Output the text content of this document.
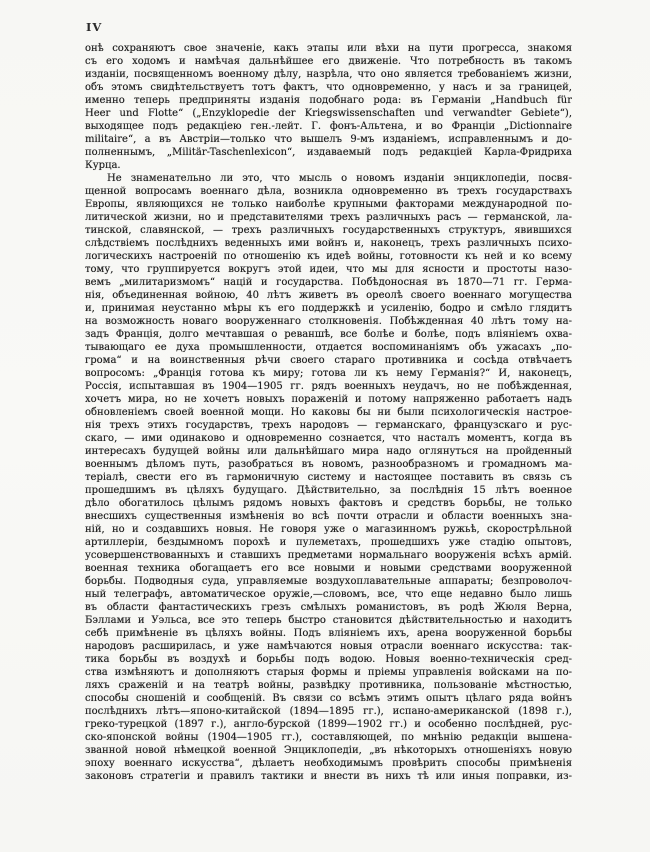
IV
онѣ сохраняютъ свое значеніе, какъ этапы или вѣхи на пути прогресса, знакомя
съ его ходомъ и намѣчая дальнѣйшее его движеніе. Что потребность въ такомъ
изданіи, посвященномъ военному дѣлу, назрѣла, что оно является требованіемъ жизни,
объ этомъ свидѣтельствуетъ тотъ фактъ, что одновременно, у насъ и за границей,
именно теперь предприняты изданія подобнаго рода: въ Германіи „Handbuch für
Heer und Flotte“ („Enzyklopedie der Kriegswissenschaften und verwandter Gebiete“),
выходящее подъ редакціею ген.-лейт. Г. фонъ-Альтена, и во Франціи „Dictionnaire
militaire“, а въ Австріи—только что вышелъ 9-мъ изданіемъ, исправленнымъ и до-
полненнымъ, „Militär-Taschenlexicon“, издаваемый подъ редакціей Карла-Фридриха
Курца.
Не знаменательно ли это, что мысль о новомъ изданіи энциклопедіи, посвя-
щенной вопросамъ военнаго дѣла, возникла одновременно въ трехъ государствахъ
Европы, являющихся не только наиболѣе крупными факторами международной по-
литической жизни, но и представителями трехъ различныхъ расъ — германской, ла-
тинской, славянской, — трехъ различныхъ государственныхъ структуръ, явившихся
слѣдствіемъ послѣднихъ веденныхъ ими войнъ и, наконецъ, трехъ различныхъ психо-
логическихъ настроеній по отношенію къ идеѣ войны, готовности къ ней и ко всему
тому, что группируется вокругъ этой идеи, что мы для ясности и простоты назо-
вемъ „милитаризмомъ“ націй и государства. Побѣдоносная въ 1870—71 гг. Герма-
нія, объединенная войною, 40 лѣтъ живетъ въ ореолѣ своего военнаго могущества
и, принимая неустанно мѣры къ его поддержкѣ и усиленію, бодро и смѣло глядитъ
на возможность новаго вооруженнаго столкновенія. Побѣжденная 40 лѣтъ тому на-
задъ Франція, долго мечтавшая о реваншѣ, все болѣе и болѣе, подъ вліяніемъ охва-
тывающаго ее духа промышленности, отдается воспоминаніямъ объ ужасахъ „по-
грома“ и на воинственныя рѣчи своего стараго противника и сосѣда отвѣчаетъ
вопросомъ: „Франція готова къ миру; готова ли къ нему Германія?“ И, наконецъ,
Россія, испытавшая въ 1904—1905 гг. рядъ военныхъ неудачъ, но не побѣжденная,
хочетъ мира, но не хочетъ новыхъ пораженій и потому напряженно работаетъ надъ
обновленіемъ своей военной мощи. Но каковы бы ни были психологическія настрое-
нія трехъ этихъ государствъ, трехъ народовъ — германскаго, французскаго и рус-
скаго, — ими одинаково и одновременно сознается, что насталъ моментъ, когда въ
интересахъ будущей войны или дальнѣйшаго мира надо оглянуться на пройденный
военнымъ дѣломъ путь, разобраться въ новомъ, разнообразномъ и громадномъ ма-
теріалѣ, свести его въ гармоничную систему и настоящее поставить въ связь съ
прошедшимъ въ цѣляхъ будущаго. Дѣйствительно, за послѣднія 15 лѣтъ военное
дѣло обогатилось цѣлымъ рядомъ новыхъ фактовъ и средствъ борьбы, не только
внесшихъ существенныя измѣненія во всѣ почти отрасли и области военныхъ зна-
ній, но и создавшихъ новыя. Не говоря уже о магазинномъ ружьѣ, скорострѣльной
артиллеріи, бездымномъ порохѣ и пулеметахъ, прошедшихъ уже стадію опытовъ,
усовершенствованныхъ и ставшихъ предметами нормальнаго вооруженія всѣхъ армій.
военная техника обогащаетъ его все новыми и новыми средствами вооруженной
борьбы. Подводныя суда, управляемые воздухоплавательные аппараты; безпроволоч-
ный телеграфъ, автоматическое оружіе,—словомъ, все, что еще недавно было лишь
въ области фантастическихъ грезъ смѣлыхъ романистовъ, въ родѣ Жюля Верна,
Бэллами и Уэльса, все это теперь быстро становится дѣйствительностью и находитъ
себѣ примѣненіе въ цѣляхъ войны. Подъ вліяніемъ ихъ, арена вооруженной борьбы
народовъ расширилась, и уже намѣчаются новыя отрасли военнаго искусства: так-
тика борьбы въ воздухѣ и борьбы подъ водою. Новыя военно-техническія сред-
ства измѣняютъ и дополняютъ старыя формы и пріемы управленія войсками на по-
ляхъ сраженій и на театрѣ войны, развѣдку противника, пользованіе мѣстностью,
способы сношеній и сообщеній. Въ связи со всѣмъ этимъ опытъ цѣлаго ряда войнъ
послѣднихъ лѣтъ—японо-китайской (1894—1895 гг.), испано-американской (1898 г.),
греко-турецкой (1897 г.), англо-бурской (1899—1902 гг.) и особенно послѣдней, рус-
ско-японской войны (1904—1905 гг.), составляющей, по мнѣнію редакціи вышена-
званной новой нѣмецкой военной Энциклопедіи, „въ нѣкоторыхъ отношеніяхъ новую
эпоху военнаго искусства“, дѣлаетъ необходимымъ провѣрить способы примѣненія
законовъ стратегіи и правилъ тактики и внести въ нихъ тѣ или иныя поправки, из-
